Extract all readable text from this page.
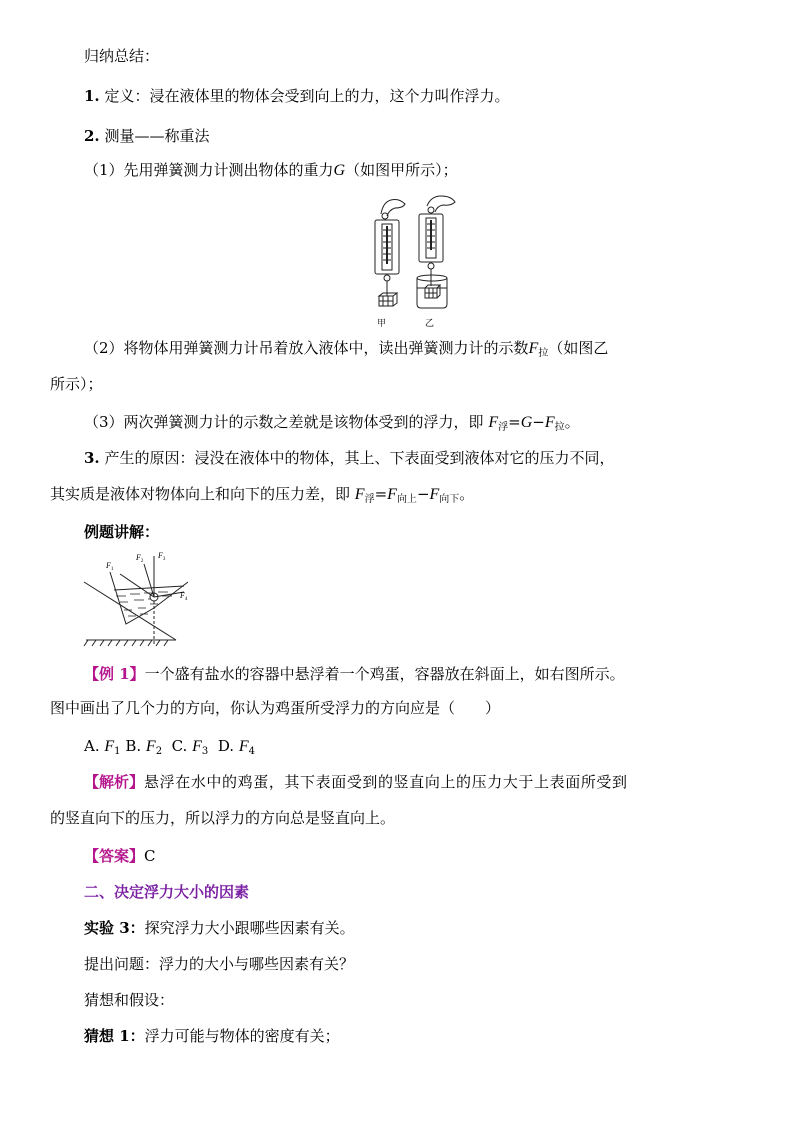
归纳总结：
1. 定义：浸在液体里的物体会受到向上的力，这个力叫作浮力。
2. 测量——称重法
（1）先用弹簧测力计测出物体的重力G（如图甲所示）；
甲	乙
（2）将物体用弹簧测力计吊着放入液体中，读出弹簧测力计的示数$F_拉$（如图乙
所示）；
（3）两次弹簧测力计的示数之差就是该物体受到的浮力，即 $F_浮=G-F_拉$。
3. 产生的原因：浸没在液体中的物体，其上、下表面受到液体对它的压力不同，
其实质是液体对物体向上和向下的压力差，即 $F_浮=F_{向上}-F_{向下}$。
例题讲解：
$F_1$
$F_2$
$F_3$
$F_4$
【例 1】一个盛有盐水的容器中悬浮着一个鸡蛋，容器放在斜面上，如右图所示。
图中画出了几个力的方向，你认为鸡蛋所受浮力的方向应是（　　）
A. $F_1$ B. $F_2$ C. $F_3$ D. $F_4$
【解析】悬浮在水中的鸡蛋，其下表面受到的竖直向上的压力大于上表面所受到
的竖直向下的压力，所以浮力的方向总是竖直向上。
【答案】C
二、决定浮力大小的因素
实验 3：探究浮力大小跟哪些因素有关。
提出问题：浮力的大小与哪些因素有关？
猜想和假设：
猜想 1：浮力可能与物体的密度有关；
